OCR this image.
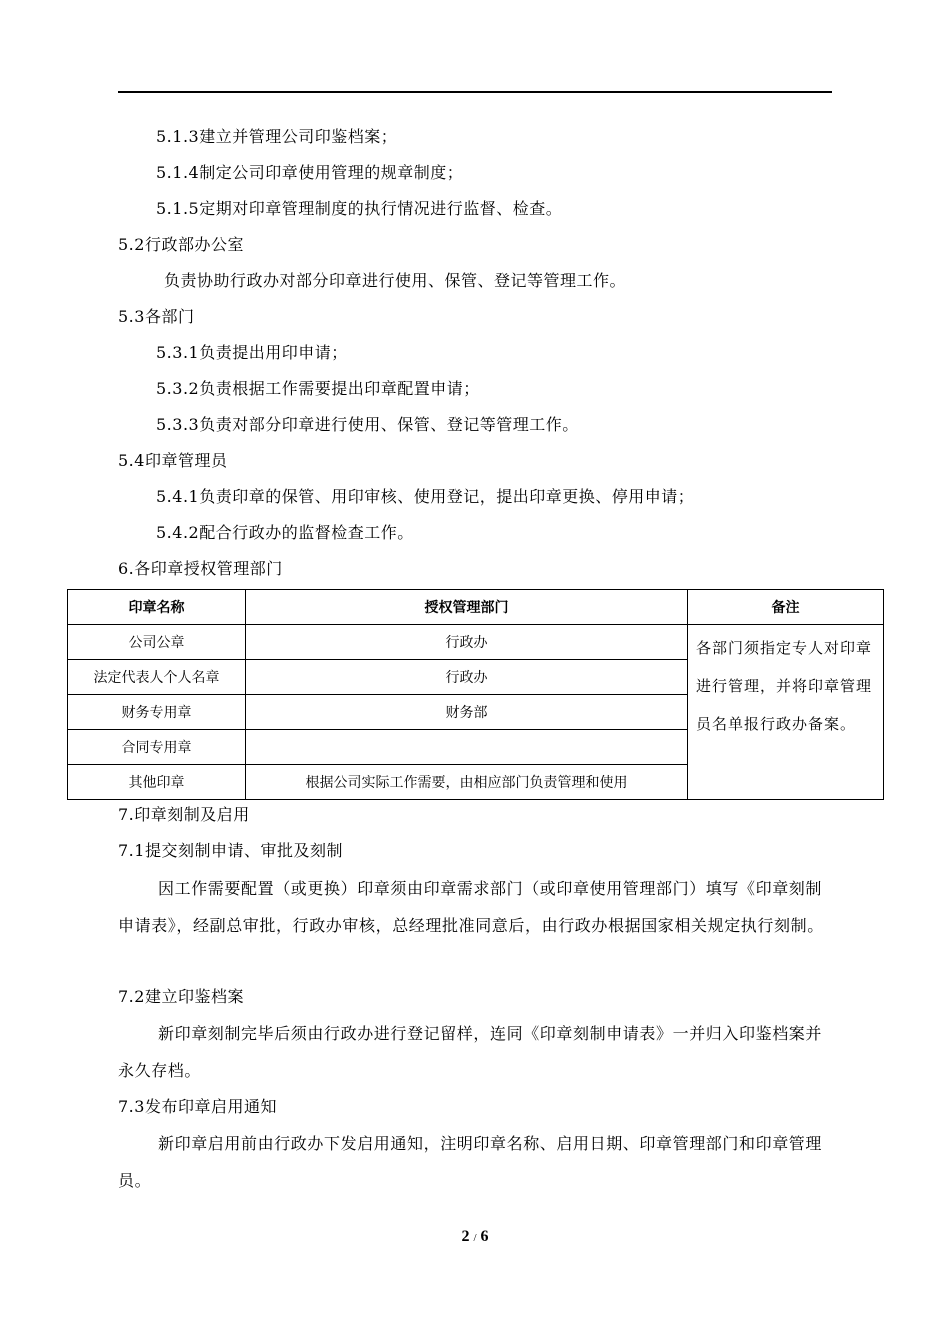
5.1.3建立并管理公司印鉴档案；
5.1.4制定公司印章使用管理的规章制度；
5.1.5定期对印章管理制度的执行情况进行监督、检查。
5.2行政部办公室
负责协助行政办对部分印章进行使用、保管、登记等管理工作。
5.3各部门
5.3.1负责提出用印申请；
5.3.2负责根据工作需要提出印章配置申请；
5.3.3负责对部分印章进行使用、保管、登记等管理工作。
5.4印章管理员
5.4.1负责印章的保管、用印审核、使用登记，提出印章更换、停用申请；
5.4.2配合行政办的监督检查工作。
6.各印章授权管理部门
印章名称	授权管理部门	备注
公司公章	行政办	各部门须指定专人对印章进行管理，并将印章管理员名单报行政办备案。
法定代表人个人名章	行政办	
财务专用章	财务部	
合同专用章		
其他印章	根据公司实际工作需要，由相应部门负责管理和使用	
7.印章刻制及启用
7.1提交刻制申请、审批及刻制

因工作需要配置（或更换）印章须由印章需求部门（或印章使用管理部门）填写《印章刻制申请表》，经副总审批，行政办审核，总经理批准同意后，由行政办根据国家相关规定执行刻制。

7.2建立印鉴档案

新印章刻制完毕后须由行政办进行登记留样，连同《印章刻制申请表》一并归入印鉴档案并永久存档。

7.3发布印章启用通知

新印章启用前由行政办下发启用通知，注明印章名称、启用日期、印章管理部门和印章管理员。

2 / 6
